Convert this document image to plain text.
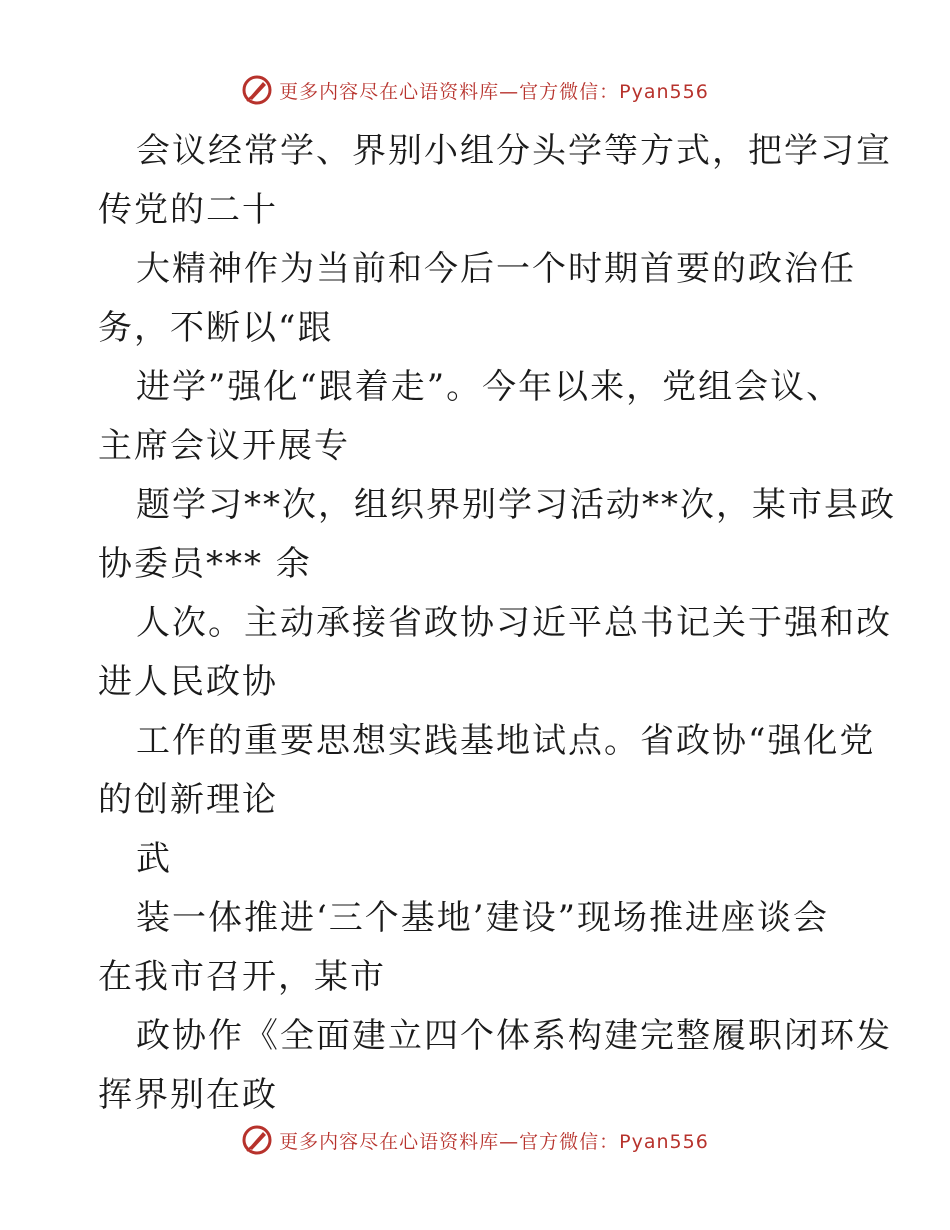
更多内容尽在心语资料库—官方微信：Pyan556
会议经常学、界别小组分头学等方式，把学习宣
传党的二十
大精神作为当前和今后一个时期首要的政治任
务，不断以“跟
进学”强化“跟着走”。今年以来，党组会议、
主席会议开展专
题学习**次，组织界别学习活动**次，某市县政
协委员*** 余
人次。主动承接省政协习近平总书记关于强和改
进人民政协
工作的重要思想实践基地试点。省政协“强化党
的创新理论
武
装一体推进‘三个基地’建设”现场推进座谈会
在我市召开，某市
政协作《全面建立四个体系构建完整履职闭环发
挥界别在政
更多内容尽在心语资料库—官方微信：Pyan556
